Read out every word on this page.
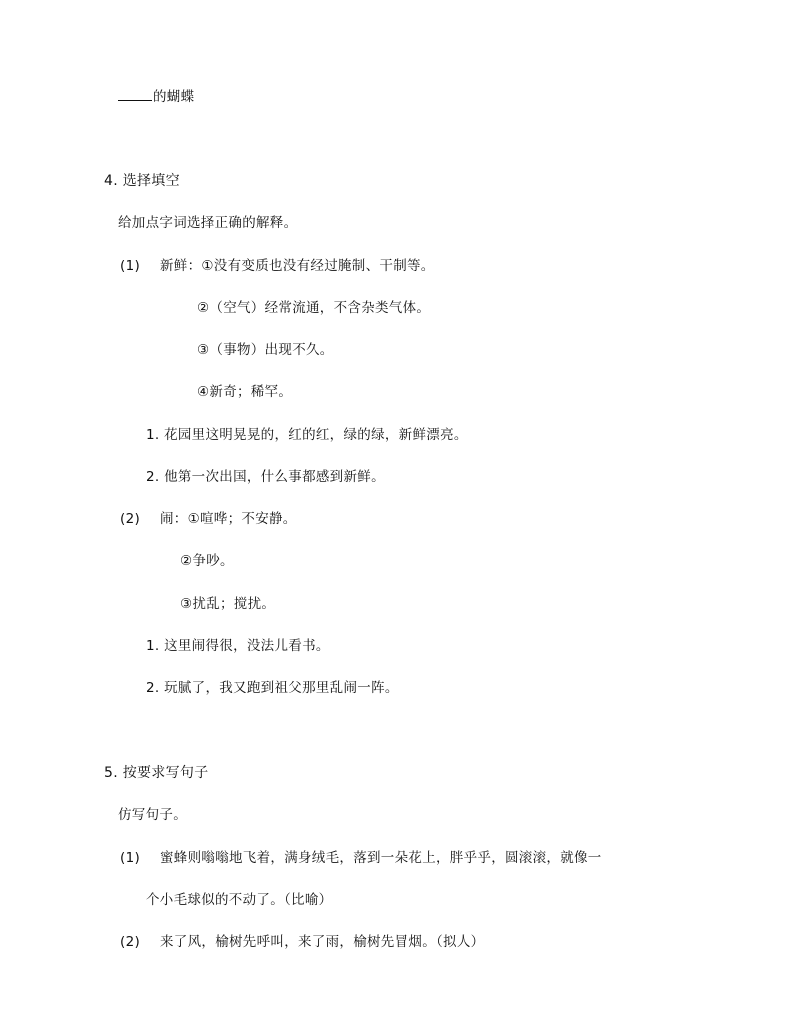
的蝴蝶
4. 选择填空
给加点字词选择正确的解释。
(1) 新鲜：①没有变质也没有经过腌制、干制等。
②（空气）经常流通，不含杂类气体。
③（事物）出现不久。
④新奇；稀罕。
1. 花园里这明晃晃的，红的红，绿的绿，新鲜漂亮。
2. 他第一次出国，什么事都感到新鲜。
(2) 闹：①喧哗；不安静。
②争吵。
③扰乱；搅扰。
1. 这里闹得很，没法儿看书。
2. 玩腻了，我又跑到祖父那里乱闹一阵。
5. 按要求写句子
仿写句子。
(1) 蜜蜂则嗡嗡地飞着，满身绒毛，落到一朵花上，胖乎乎，圆滚滚，就像一
个小毛球似的不动了。（比喻）
(2) 来了风，榆树先呼叫，来了雨，榆树先冒烟。（拟人）
